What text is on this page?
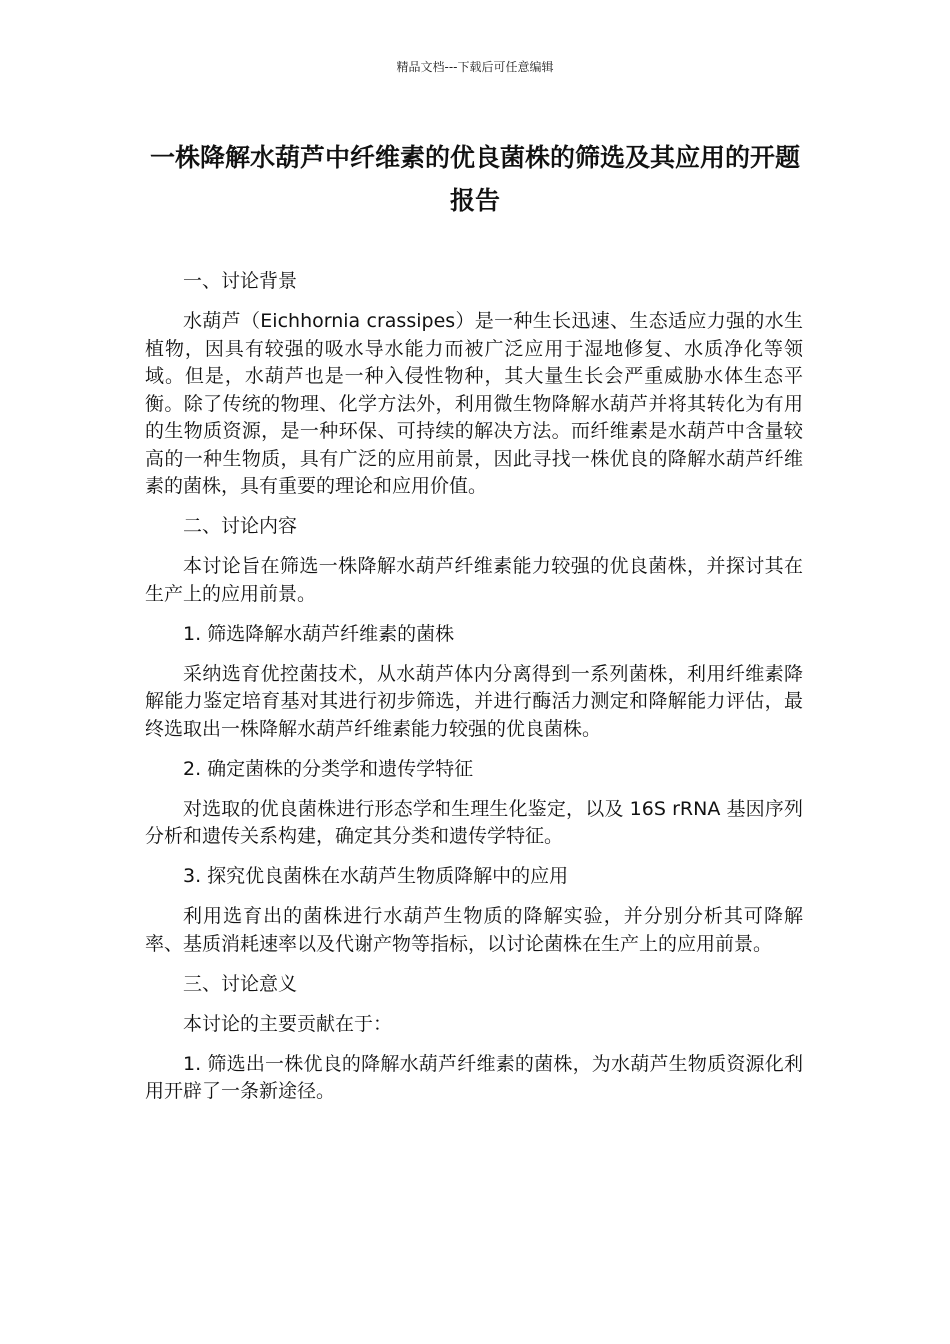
精品文档---下载后可任意编辑
一株降解水葫芦中纤维素的优良菌株的筛选及其应用的开题报告

一、讨论背景

水葫芦（Eichhornia crassipes）是一种生长迅速、生态适应力强的水生植物，因具有较强的吸水导水能力而被广泛应用于湿地修复、水质净化等领域。但是，水葫芦也是一种入侵性物种，其大量生长会严重威胁水体生态平衡。除了传统的物理、化学方法外，利用微生物降解水葫芦并将其转化为有用的生物质资源，是一种环保、可持续的解决方法。而纤维素是水葫芦中含量较高的一种生物质，具有广泛的应用前景，因此寻找一株优良的降解水葫芦纤维素的菌株，具有重要的理论和应用价值。

二、讨论内容

本讨论旨在筛选一株降解水葫芦纤维素能力较强的优良菌株，并探讨其在生产上的应用前景。

1. 筛选降解水葫芦纤维素的菌株

采纳选育优控菌技术，从水葫芦体内分离得到一系列菌株，利用纤维素降解能力鉴定培育基对其进行初步筛选，并进行酶活力测定和降解能力评估，最终选取出一株降解水葫芦纤维素能力较强的优良菌株。

2. 确定菌株的分类学和遗传学特征

对选取的优良菌株进行形态学和生理生化鉴定，以及 16S rRNA 基因序列分析和遗传关系构建，确定其分类和遗传学特征。

3. 探究优良菌株在水葫芦生物质降解中的应用

利用选育出的菌株进行水葫芦生物质的降解实验，并分别分析其可降解率、基质消耗速率以及代谢产物等指标，以讨论菌株在生产上的应用前景。

三、讨论意义

本讨论的主要贡献在于：

1. 筛选出一株优良的降解水葫芦纤维素的菌株，为水葫芦生物质资源化利用开辟了一条新途径。
